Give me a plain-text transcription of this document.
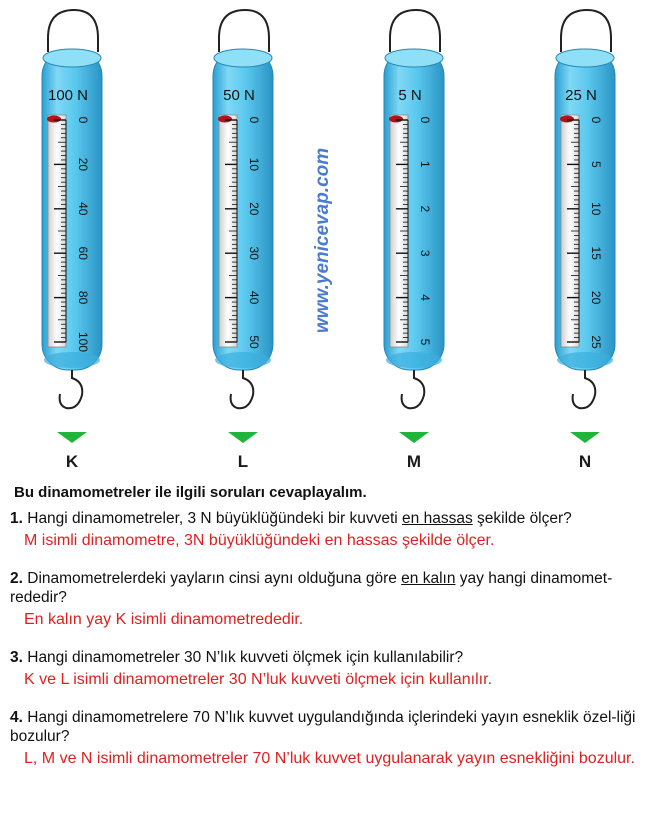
0
20
40
60
80
100
100 N
K
0
10
20
30
40
50
50 N
L
0
1
2
3
4
5
5 N
M
0
5
10
15
20
25
25 N
N
www.yenicevap.com
Bu dinamometreler ile ilgili soruları cevaplayalım.
1. Hangi dinamometreler, 3 N büyüklüğündeki bir kuvveti en hassas şekilde ölçer?
M isimli dinamometre, 3N büyüklüğündeki en hassas şekilde ölçer.
2. Dinamometrelerdeki yayların cinsi aynı olduğuna göre en kalın yay hangi dinamomet-rededir?
En kalın yay K isimli dinamometrededir.
3. Hangi dinamometreler 30 N’lık kuvveti ölçmek için kullanılabilir?
K ve L isimli dinamometreler 30 N’luk kuvveti ölçmek için kullanılır.
4. Hangi dinamometrelere 70 N’lık kuvvet uygulandığında içlerindeki yayın esneklik özel-liği bozulur?
L, M ve N isimli dinamometreler 70 N’luk kuvvet uygulanarak yayın esnekliğini bozulur.
